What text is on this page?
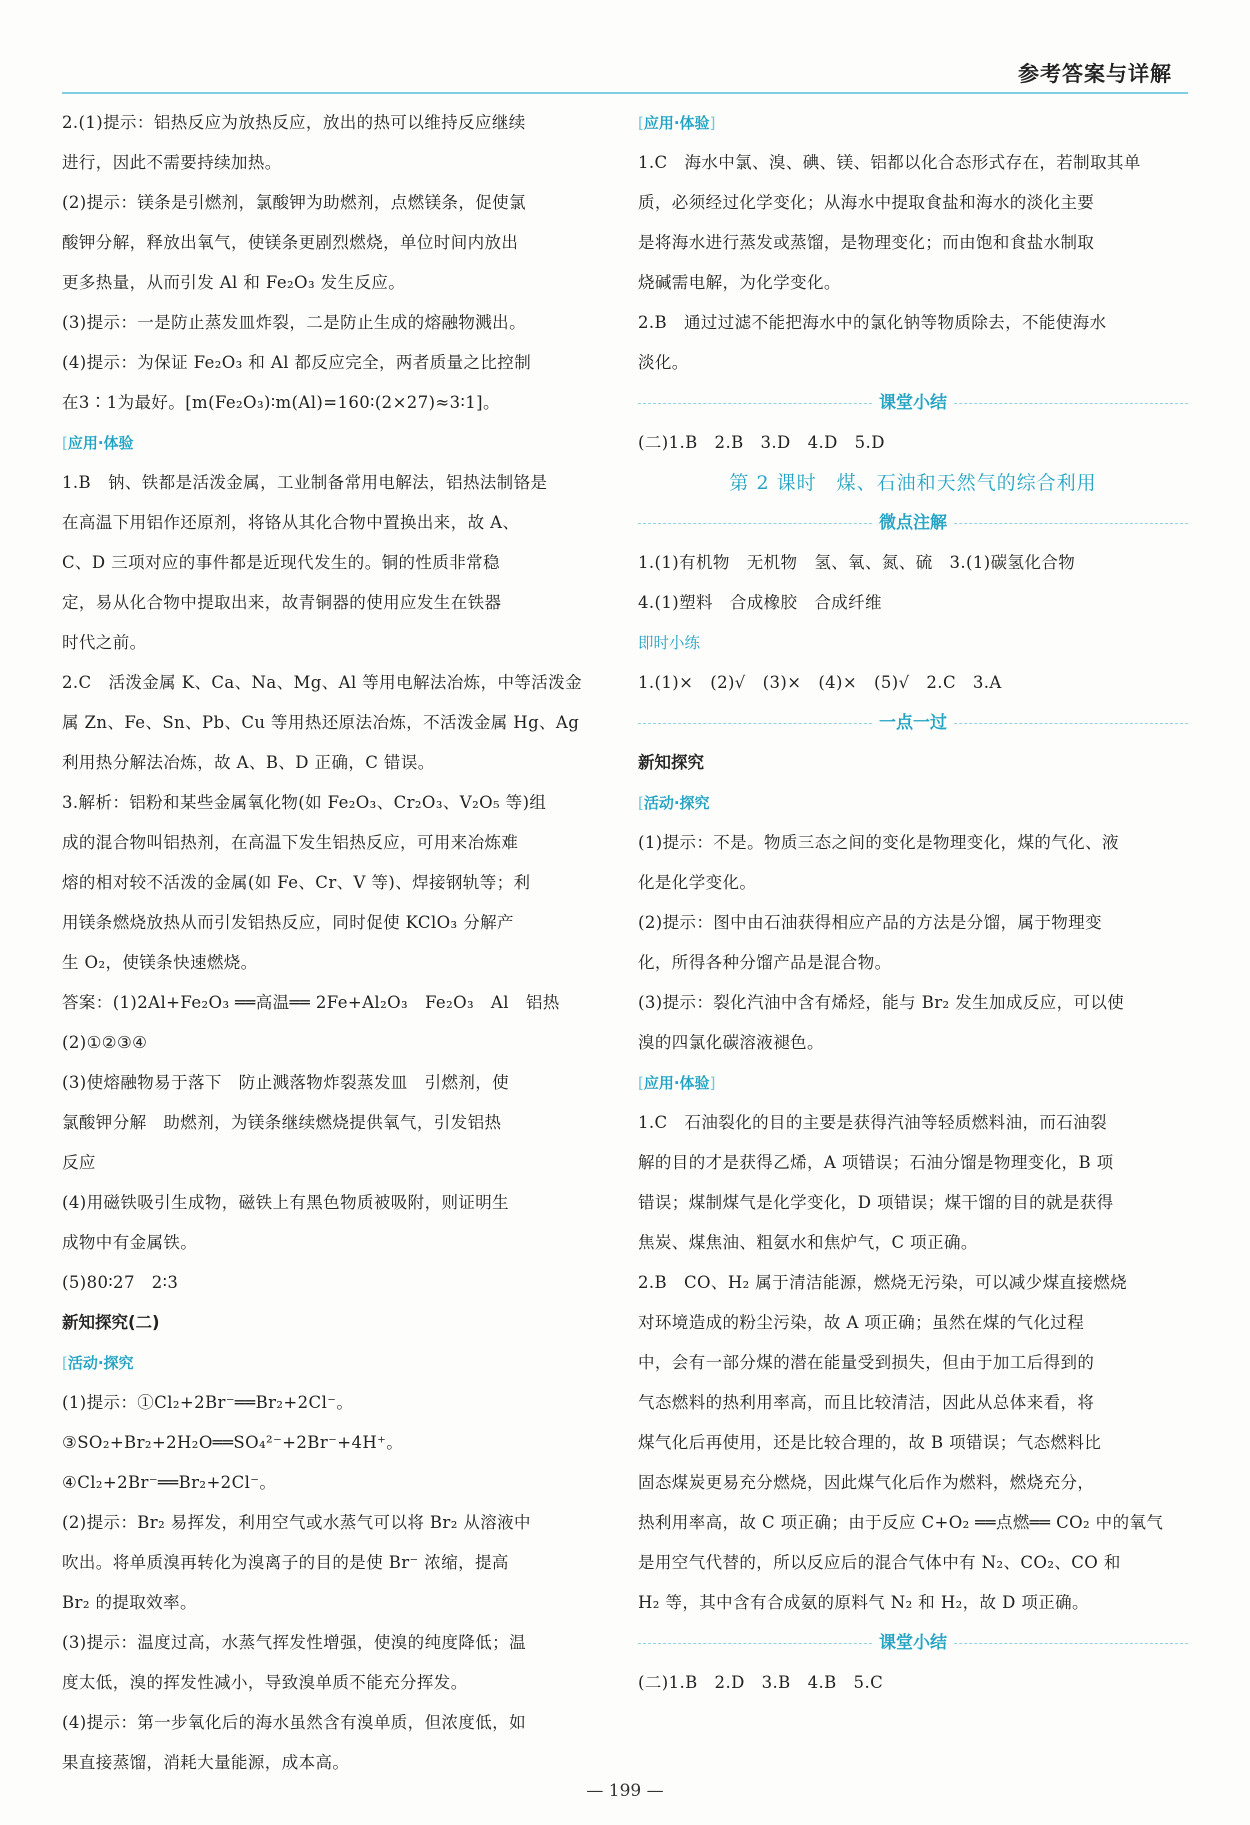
参考答案与详解

2.(1)提示：铝热反应为放热反应，放出的热可以维持反应继续

进行，因此不需要持续加热。

(2)提示：镁条是引燃剂，氯酸钾为助燃剂，点燃镁条，促使氯

酸钾分解，释放出氧气，使镁条更剧烈燃烧，单位时间内放出

更多热量，从而引发 Al 和 Fe₂O₃ 发生反应。

(3)提示：一是防止蒸发皿炸裂，二是防止生成的熔融物溅出。

(4)提示：为保证 Fe₂O₃ 和 Al 都反应完全，两者质量之比控制

在3∶1为最好。[m(Fe₂O₃)∶m(Al)=160∶(2×27)≈3∶1]。

[应用·体验

1.B　钠、铁都是活泼金属，工业制备常用电解法，铝热法制铬是

在高温下用铝作还原剂，将铬从其化合物中置换出来，故 A、

C、D 三项对应的事件都是近现代发生的。铜的性质非常稳

定，易从化合物中提取出来，故青铜器的使用应发生在铁器

时代之前。

2.C　活泼金属 K、Ca、Na、Mg、Al 等用电解法冶炼，中等活泼金

属 Zn、Fe、Sn、Pb、Cu 等用热还原法冶炼，不活泼金属 Hg、Ag

利用热分解法冶炼，故 A、B、D 正确，C 错误。

3.解析：铝粉和某些金属氧化物(如 Fe₂O₃、Cr₂O₃、V₂O₅ 等)组

成的混合物叫铝热剂，在高温下发生铝热反应，可用来冶炼难

熔的相对较不活泼的金属(如 Fe、Cr、V 等)、焊接钢轨等；利

用镁条燃烧放热从而引发铝热反应，同时促使 KClO₃ 分解产

生 O₂，使镁条快速燃烧。

答案：(1)2Al+Fe₂O₃ ══高温══ 2Fe+Al₂O₃　Fe₂O₃　Al　铝热

(2)①②③④

(3)使熔融物易于落下　防止溅落物炸裂蒸发皿　引燃剂，使

氯酸钾分解　助燃剂，为镁条继续燃烧提供氧气，引发铝热

反应

(4)用磁铁吸引生成物，磁铁上有黑色物质被吸附，则证明生

成物中有金属铁。

(5)80∶27　2∶3

新知探究(二)
[活动·探究

(1)提示：①Cl₂+2Br⁻══Br₂+2Cl⁻。

③SO₂+Br₂+2H₂O══SO₄²⁻+2Br⁻+4H⁺。

④Cl₂+2Br⁻══Br₂+2Cl⁻。

(2)提示：Br₂ 易挥发，利用空气或水蒸气可以将 Br₂ 从溶液中

吹出。将单质溴再转化为溴离子的目的是使 Br⁻ 浓缩，提高

Br₂ 的提取效率。

(3)提示：温度过高，水蒸气挥发性增强，使溴的纯度降低；温

度太低，溴的挥发性减小，导致溴单质不能充分挥发。

(4)提示：第一步氧化后的海水虽然含有溴单质，但浓度低，如

果直接蒸馏，消耗大量能源，成本高。

[应用·体验]

1.C　海水中氯、溴、碘、镁、铝都以化合态形式存在，若制取其单

质，必须经过化学变化；从海水中提取食盐和海水的淡化主要

是将海水进行蒸发或蒸馏，是物理变化；而由饱和食盐水制取

烧碱需电解，为化学变化。

2.B　通过过滤不能把海水中的氯化钠等物质除去，不能使海水

淡化。

课堂小结

(二)1.B　2.B　3.D　4.D　5.D

第 2 课时　煤、石油和天然气的综合利用
微点注解

1.(1)有机物　无机物　氢、氧、氮、硫　3.(1)碳氢化合物

4.(1)塑料　合成橡胶　合成纤维

即时小练

1.(1)×　(2)√　(3)×　(4)×　(5)√　2.C　3.A

一点一过
新知探究
[活动·探究

(1)提示：不是。物质三态之间的变化是物理变化，煤的气化、液

化是化学变化。

(2)提示：图中由石油获得相应产品的方法是分馏，属于物理变

化，所得各种分馏产品是混合物。

(3)提示：裂化汽油中含有烯烃，能与 Br₂ 发生加成反应，可以使

溴的四氯化碳溶液褪色。

[应用·体验]

1.C　石油裂化的目的主要是获得汽油等轻质燃料油，而石油裂

解的目的才是获得乙烯，A 项错误；石油分馏是物理变化，B 项

错误；煤制煤气是化学变化，D 项错误；煤干馏的目的就是获得

焦炭、煤焦油、粗氨水和焦炉气，C 项正确。

2.B　CO、H₂ 属于清洁能源，燃烧无污染，可以减少煤直接燃烧

对环境造成的粉尘污染，故 A 项正确；虽然在煤的气化过程

中，会有一部分煤的潜在能量受到损失，但由于加工后得到的

气态燃料的热利用率高，而且比较清洁，因此从总体来看，将

煤气化后再使用，还是比较合理的，故 B 项错误；气态燃料比

固态煤炭更易充分燃烧，因此煤气化后作为燃料，燃烧充分，

热利用率高，故 C 项正确；由于反应 C+O₂ ══点燃══ CO₂ 中的氧气

是用空气代替的，所以反应后的混合气体中有 N₂、CO₂、CO 和

H₂ 等，其中含有合成氨的原料气 N₂ 和 H₂，故 D 项正确。

课堂小结

(二)1.B　2.D　3.B　4.B　5.C

— 199 —
